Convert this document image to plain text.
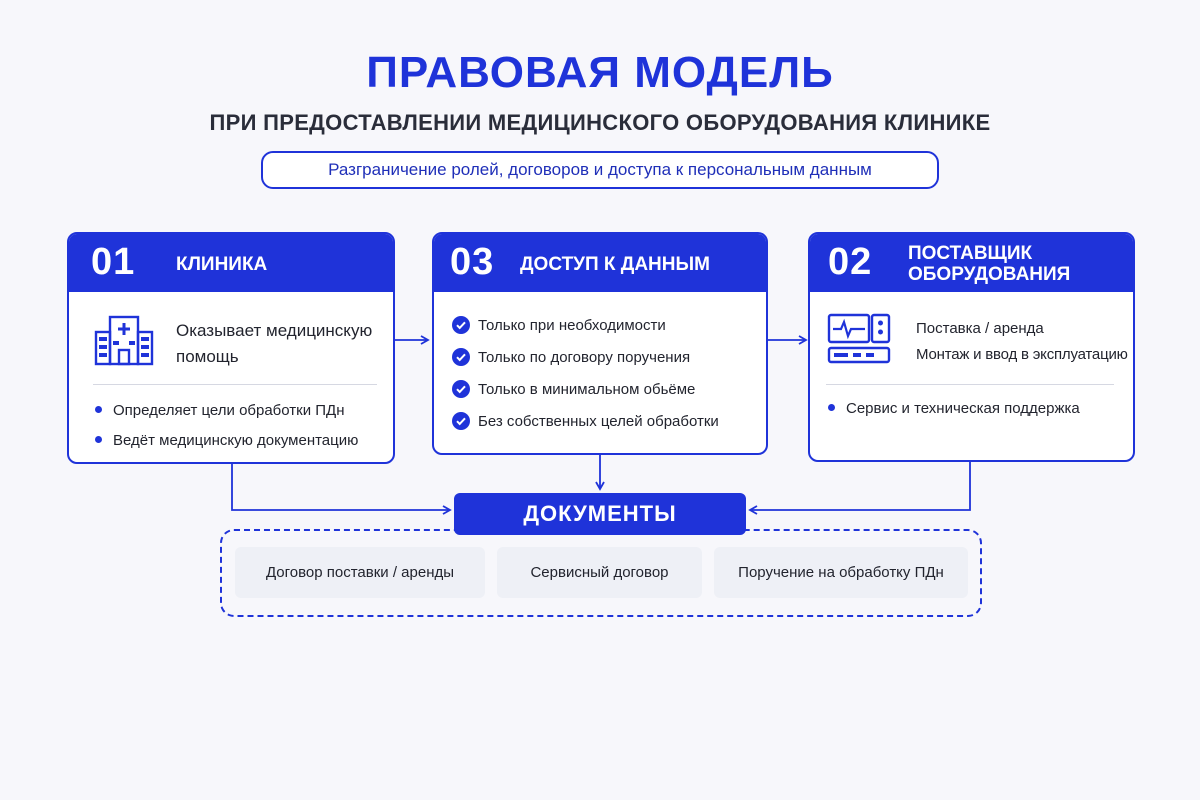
ПРАВОВАЯ МОДЕЛЬ
ПРИ ПРЕДОСТАВЛЕНИИ МЕДИЦИНСКОГО ОБОРУДОВАНИЯ КЛИНИКЕ
Разграничение ролей, договоров и доступа к персональным данным
01 КЛИНИКА
Оказывает медицинскую помощь
Определяет цели обработки ПДн
Ведёт медицинскую документацию
03 ДОСТУП К ДАННЫМ
Только при необходимости
Только по договору поручения
Только в минимальном обьёме
Без собственных целей обработки
02 ПОСТАВЩИК
ОБОРУДОВАНИЯ
Поставка / аренда
Монтаж и ввод в эксплуатацию
Сервис и техническая поддержка
ДОКУМЕНТЫ
Договор поставки / аренды	Сервисный договор	Поручение на обработку ПДн
